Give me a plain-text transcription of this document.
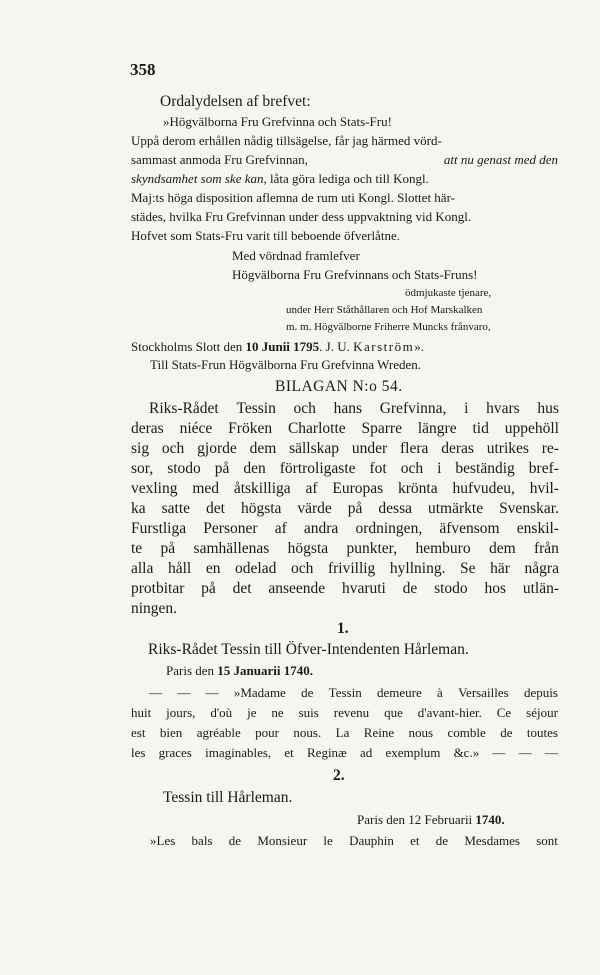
358
Ordalydelsen af brefvet:
»Högvälborna Fru Grefvinna och Stats-Fru!
Uppå derom erhållen nådig tillsägelse, får jag härmed vörd-
sammast anmoda Fru Grefvinnan,	att nu genast med den
skyndsamhet som ske kan, låta göra lediga och till Kongl.
Maj:ts höga disposition aflemna de rum uti Kongl. Slottet här-
städes, hvilka Fru Grefvinnan under dess uppvaktning vid Kongl.
Hofvet som Stats-Fru varit till beboende öfverlåtne.
Med vördnad framlefver
Högvälborna Fru Grefvinnans och Stats-Fruns!
ödmjukaste tjenare,
under Herr Ståthållaren och Hof Marskalken
m. m. Högvälborne Friherre Muncks frånvaro,
Stockholms Slott den 10 Junii 1795. J. U. Karström».
Till Stats-Frun Högvälborna Fru Grefvinna Wreden.
BILAGAN N:o 54.
Riks-Rådet Tessin och hans Grefvinna, i hvars hus
deras niéce Fröken Charlotte Sparre längre tid uppehöll
sig och gjorde dem sällskap under flera deras utrikes re-
sor, stodo på den förtroligaste fot och i beständig bref-
vexling med åtskilliga af Europas krönta hufvudeu, hvil-
ka satte det högsta värde på dessa utmärkte Svenskar.
Furstliga Personer af andra ordningen, äfvensom enskil-
te på samhällenas högsta punkter, hemburo dem från
alla håll en odelad och frivillig hyllning. Se här några
protbitar på det anseende hvaruti de stodo hos utlän-
ningen.
1.
Riks-Rådet Tessin till Öfver-Intendenten Hårleman.
Paris den 15 Januarii 1740.
— — — »Madame de Tessin demeure à Versailles depuis
huit jours, d'où je ne suis revenu que d'avant-hier. Ce séjour
est bien agréable pour nous. La Reine nous comble de toutes
les graces imaginables, et Reginæ ad exemplum &c.» — — —
2.
Tessin till Hårleman.
Paris den 12 Februarii 1740.
»Les bals de Monsieur le Dauphin et de Mesdames sont
